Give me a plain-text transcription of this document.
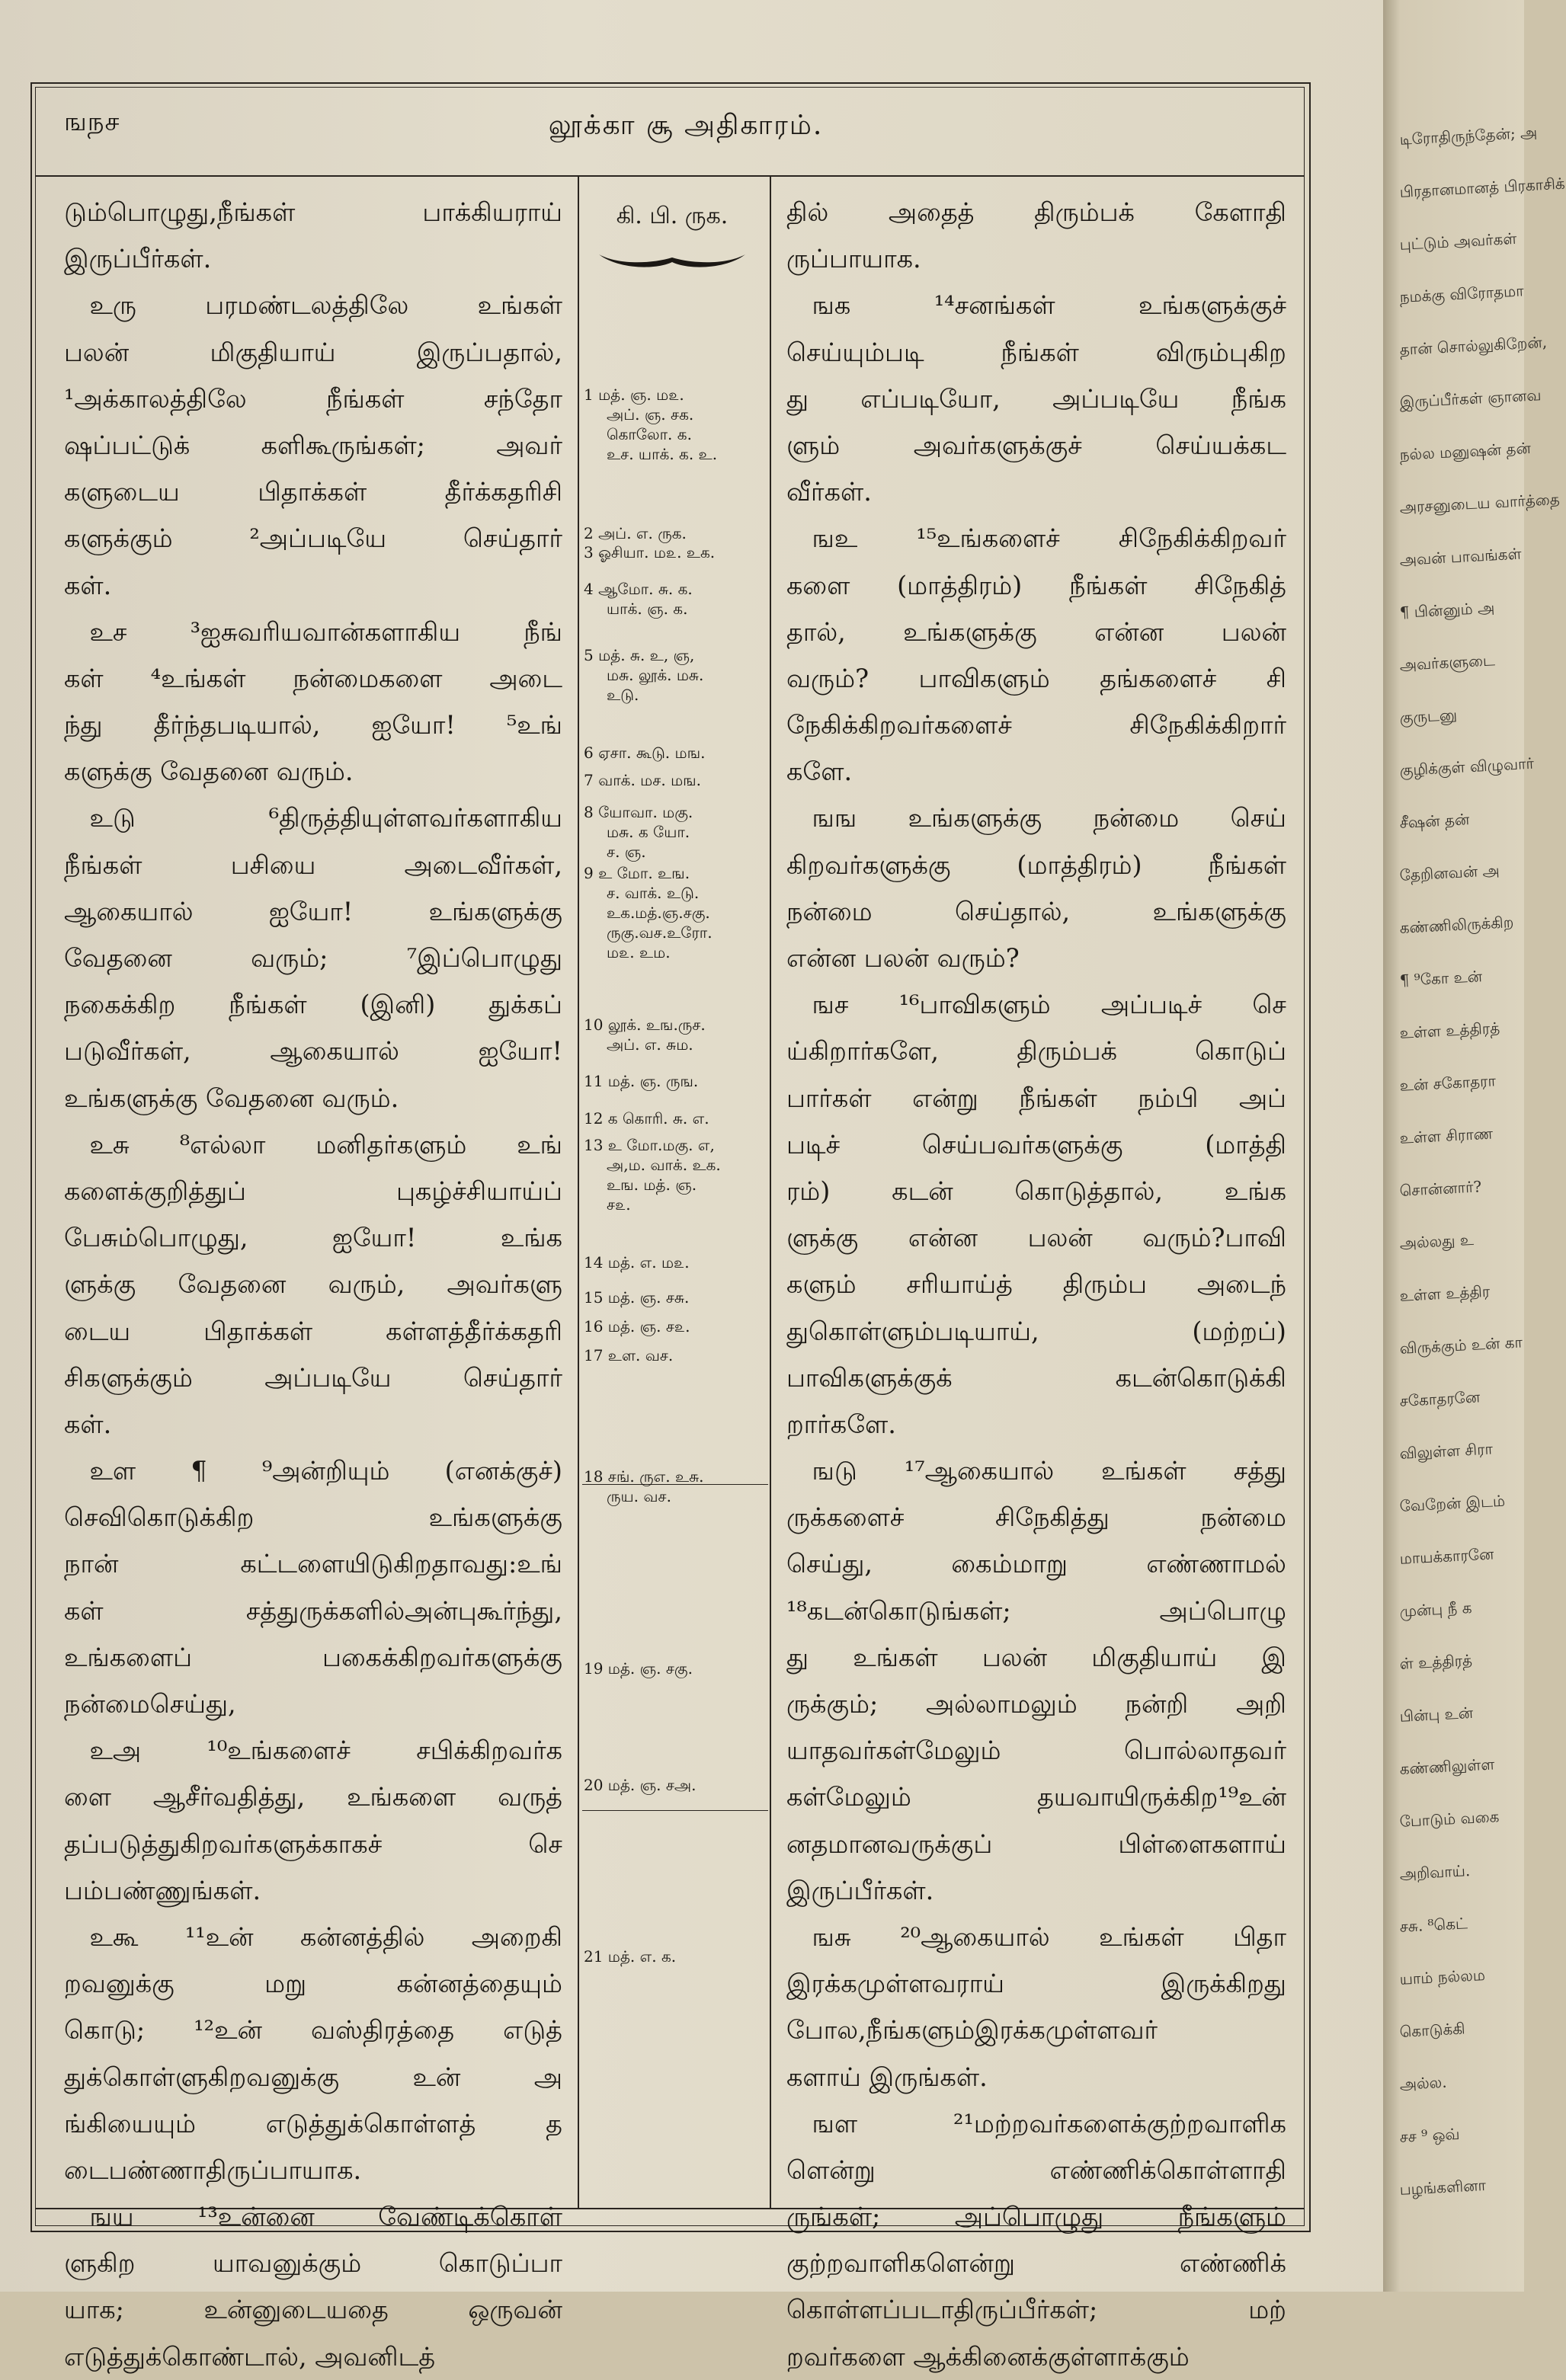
ஙநச	லூக்கா சூ அதிகாரம்.
கி. பி. ருக.
டும்பொழுது,நீங்கள் பாக்கியராய்
இருப்பீர்கள்.
 உரு பரமண்டலத்திலே உங்கள்
பலன் மிகுதியாய் இருப்பதால்,
¹அக்காலத்திலே நீங்கள் சந்தோ
ஷப்பட்டுக் களிகூருங்கள்; அவர்
களுடைய பிதாக்கள் தீர்க்கதரிசி
களுக்கும் ²அப்படியே செய்தார்
கள்.
 உச ³ஐசுவரியவான்களாகிய நீங்
கள் ⁴உங்கள் நன்மைகளை அடை
ந்து தீர்ந்தபடியால், ஐயோ! ⁵உங்
களுக்கு வேதனை வரும்.
 உடு ⁶திருத்தியுள்ளவர்களாகிய
நீங்கள் பசியை அடைவீர்கள்,
ஆகையால் ஐயோ! உங்களுக்கு
வேதனை வரும்; ⁷இப்பொழுது
நகைக்கிற நீங்கள் (இனி) துக்கப்
படுவீர்கள், ஆகையால் ஐயோ!
உங்களுக்கு வேதனை வரும்.
 உசு ⁸எல்லா மனிதர்களும் உங்
களைக்குறித்துப் புகழ்ச்சியாய்ப்
பேசும்பொழுது, ஐயோ! உங்க
ளுக்கு வேதனை வரும், அவர்களு
டைய பிதாக்கள் கள்ளத்தீர்க்கதரி
சிகளுக்கும் அப்படியே செய்தார்
கள்.
 உள ¶ ⁹அன்றியும் (எனக்குச்)
செவிகொடுக்கிற உங்களுக்கு
நான் கட்டளையிடுகிறதாவது:உங்
கள் சத்துருக்களில்அன்புகூர்ந்து,
உங்களைப் பகைக்கிறவர்களுக்கு
நன்மைசெய்து,
 உஅ ¹⁰உங்களைச் சபிக்கிறவர்க
ளை ஆசீர்வதித்து, உங்களை வருத்
தப்படுத்துகிறவர்களுக்காகச் செ
பம்பண்ணுங்கள்.
 உகூ ¹¹உன் கன்னத்தில் அறைகி
றவனுக்கு மறு கன்னத்தையும்
கொடு; ¹²உன் வஸ்திரத்தை எடுத்
துக்கொள்ளுகிறவனுக்கு உன் அ
ங்கியையும் எடுத்துக்கொள்ளத் த
டைபண்ணாதிருப்பாயாக.
 ஙய ¹³உன்னை வேண்டிக்கொள்
ளுகிற யாவனுக்கும் கொடுப்பா
யாக; உன்னுடையதை ஒருவன்
எடுத்துக்கொண்டால், அவனிடத்
1 மத். ஞ. ம௨.
அப். ஞ. சக.
கொலோ. க.
உச. யாக். க. உ.
2 அப். எ. ருக.
3 ஓசியா. ம௨. உக.
4 ஆமோ. சு. க.
யாக். ஞ. க.
5 மத். சு. உ, ஞ,
மசு. லூக். மசு.
உடு.
6 ஏசா. கூடு. மங.
7 வாக். மச. மங.
8 யோவா. மகு.
மசு. க யோ.
ச. ஞ.
9 உ மோ. உங.
ச. வாக். உடு.
உக.மத்.ஞ.சகு.
ருகு.வச.உரோ.
ம௨. உம.
10 லூக். உங.ருச.
அப். எ. சும.
11 மத். ஞ. ருங.
12 க கொரி. சு. எ.
13 உ மோ.மகு. எ,
அ,ம. வாக். உக.
உங. மத். ஞ.
ச௨.
14 மத். எ. ம௨.
15 மத். ஞ. சசு.
16 மத். ஞ. ச௨.
17 உள. வச.
18 சங். ருஎ. உசு.
ருய. வச.
19 மத். ஞ. சகு.
20 மத். ஞ. சஅ.
21 மத். எ. க.
தில் அதைத் திரும்பக் கேளாதி
ருப்பாயாக.
 ஙக ¹⁴சனங்கள் உங்களுக்குச்
செய்யும்படி நீங்கள் விரும்புகிற
து எப்படியோ, அப்படியே நீங்க
ளும் அவர்களுக்குச் செய்யக்கட
வீர்கள்.
 ஙஉ ¹⁵உங்களைச் சிநேகிக்கிறவர்
களை (மாத்திரம்) நீங்கள் சிநேகித்
தால், உங்களுக்கு என்ன பலன்
வரும்? பாவிகளும் தங்களைச் சி
நேகிக்கிறவர்களைச் சிநேகிக்கிறார்
களே.
 ஙங உங்களுக்கு நன்மை செய்
கிறவர்களுக்கு (மாத்திரம்) நீங்கள்
நன்மை செய்தால், உங்களுக்கு
என்ன பலன் வரும்?
 ஙச ¹⁶பாவிகளும் அப்படிச் செ
ய்கிறார்களே, திரும்பக் கொடுப்
பார்கள் என்று நீங்கள் நம்பி அப்
படிச் செய்பவர்களுக்கு (மாத்தி
ரம்) கடன் கொடுத்தால், உங்க
ளுக்கு என்ன பலன் வரும்?பாவி
களும் சரியாய்த் திரும்ப அடைந்
துகொள்ளும்படியாய், (மற்றப்)
பாவிகளுக்குக் கடன்கொடுக்கி
றார்களே.
 ஙடு ¹⁷ஆகையால் உங்கள் சத்து
ருக்களைச் சிநேகித்து நன்மை
செய்து, கைம்மாறு எண்ணாமல்
¹⁸கடன்கொடுங்கள்; அப்பொழு
து உங்கள் பலன் மிகுதியாய் இ
ருக்கும்; அல்லாமலும் நன்றி அறி
யாதவர்கள்மேலும் பொல்லாதவர்
கள்மேலும் தயவாயிருக்கிற¹⁹உன்
னதமானவருக்குப் பிள்ளைகளாய்
இருப்பீர்கள்.
 ஙசு ²⁰ஆகையால் உங்கள் பிதா
இரக்கமுள்ளவராய் இருக்கிறது
போல,நீங்களும்இரக்கமுள்ளவர்
களாய் இருங்கள்.
 ஙள ²¹மற்றவர்களைக்குற்றவாளிக
ளென்று எண்ணிக்கொள்ளாதி
ருங்கள்; அப்பொழுது நீங்களும்
குற்றவாளிகளென்று எண்ணிக்
கொள்ளப்படாதிருப்பீர்கள்; மற்
றவர்களை ஆக்கினைக்குள்ளாக்கும்
டிரோதிருந்தேன்; அ
பிரதானமானத் பிரகாசிக்
புட்டும் அவர்கள்
நமக்கு விரோதமா
தான் சொல்லுகிறேன்,
இருப்பீர்கள் ஞானவ
நல்ல மனுஷன் தன்
அரசனுடைய வார்த்தை
அவன் பாவங்கள்
¶ பின்னும் அ
அவர்களுடை
குருடனு
குழிக்குள் விழுவார்
சீஷன் தன்
தேறினவன் அ
கண்ணிலிருக்கிற
¶ ⁹கோ உன்
உள்ள உத்திரத்
உன் சகோதரா
உள்ள சிராண
சொன்னார்?
அல்லது உ
உள்ள உத்திர
விருக்கும் உன் கா
சகோதரனே
விலுள்ள சிரா
வேறேன் இடம்
மாயக்காரனே
முன்பு நீ க
ள் உத்திரத்
பின்பு உன்
கண்ணிலுள்ள
போடும் வகை
அறிவாய்.
சசு. ⁸கெட்
யாம் நல்லம
கொடுக்கி
அல்ல.
சச ⁹ ஒவ்
பழங்களினா
